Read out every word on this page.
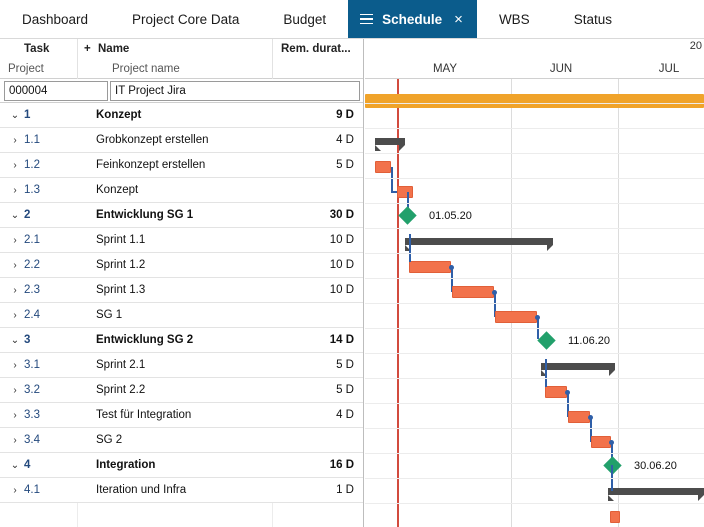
Dashboard	Project Core Data	Budget	Schedule ×	WBS	Status
Task	+ Name	Rem. durat...
Project	Project name
000004
IT Project Jira
⌄ 1	Konzept	9 D
› 1.1	Grobkonzept erstellen	4 D
› 1.2	Feinkonzept erstellen	5 D
› 1.3	Konzept
⌄ 2	Entwicklung SG 1	30 D
› 2.1	Sprint 1.1	10 D
› 2.2	Sprint 1.2	10 D
› 2.3	Sprint 1.3	10 D
› 2.4	SG 1
⌄ 3	Entwicklung SG 2	14 D
› 3.1	Sprint 2.1	5 D
› 3.2	Sprint 2.2	5 D
› 3.3	Test für Integration	4 D
› 3.4	SG 2
⌄ 4	Integration	16 D
› 4.1	Iteration und Infra	1 D
20
MAY	JUN	JUL
01.05.20
11.06.20
30.06.20
